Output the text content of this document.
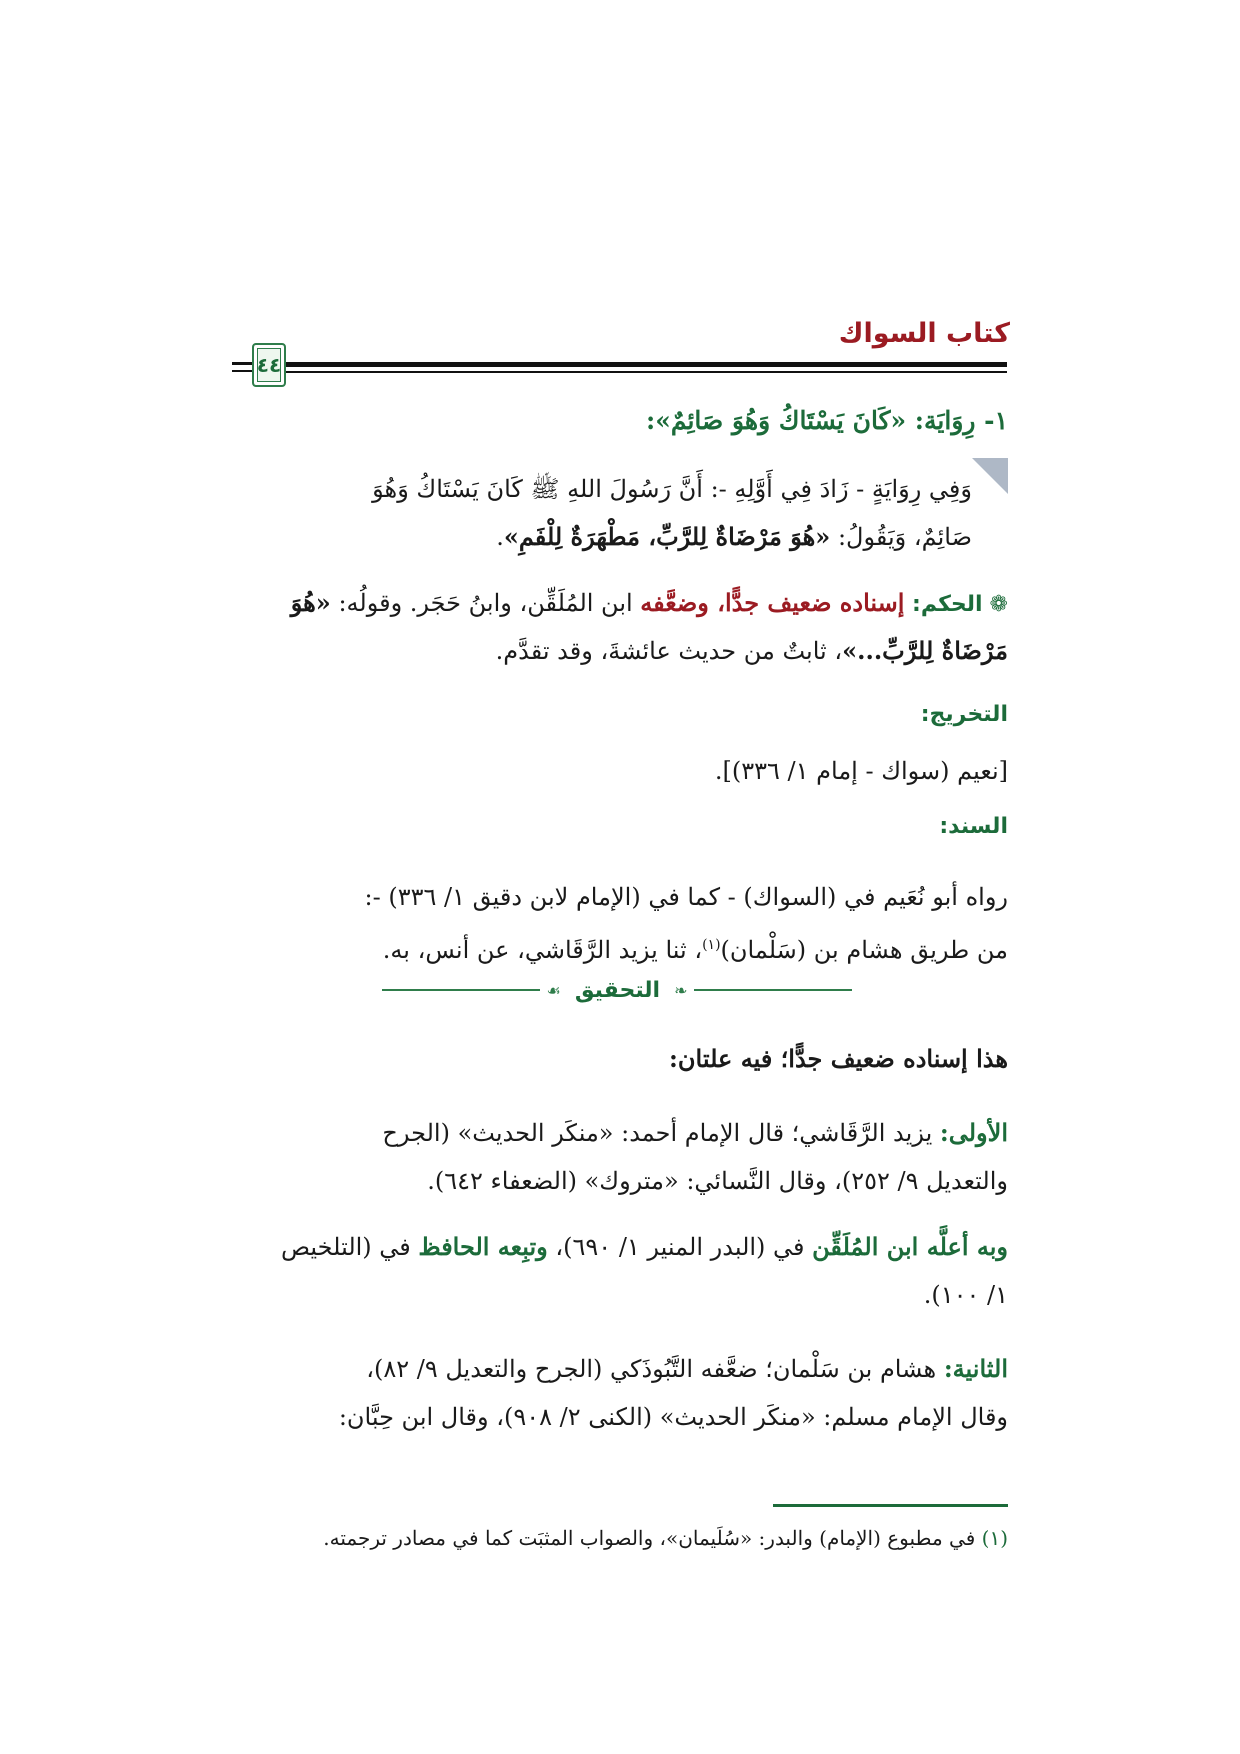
كتاب السواك
٤٤

١- رِوَايَة: «كَانَ يَسْتَاكُ وَهُوَ صَائِمٌ»:

وَفِي رِوَايَةٍ - زَادَ فِي أَوَّلِهِ -: أَنَّ رَسُولَ اللهِ ﷺ كَانَ يَسْتَاكُ وَهُوَ

صَائِمٌ، وَيَقُولُ: «هُوَ مَرْضَاةٌ لِلرَّبِّ، مَطْهَرَةٌ لِلْفَمِ».

❁ الحكم: إسناده ضعيف جدًّا، وضعَّفه ابن المُلَقِّن، وابنُ حَجَر. وقولُه: «هُوَ

مَرْضَاةٌ لِلرَّبِّ...»، ثابتٌ من حديث عائشةَ، وقد تقدَّم.

التخريج:

[نعيم (سواك - إمام ١/ ٣٣٦)].

السند:

رواه أبو نُعَيم في (السواك) - كما في (الإمام لابن دقيق ١/ ٣٣٦) -:

من طريق هشام بن (سَلْمان)$^{(١)}$، ثنا يزيد الرَّقَاشي، عن أنس، به.

❧
التحقيق
☙

هذا إسناده ضعيف جدًّا؛ فيه علتان:

الأولى: يزيد الرَّقَاشي؛ قال الإمام أحمد: «منكَر الحديث» (الجرح

والتعديل ٩/ ٢٥٢)، وقال النَّسائي: «متروك» (الضعفاء ٦٤٢).

وبه أعلَّه ابن المُلَقِّن في (البدر المنير ١/ ٦٩٠)، وتبِعه الحافظ في (التلخيص

١/ ١٠٠).

الثانية: هشام بن سَلْمان؛ ضعَّفه التَّبُوذَكي (الجرح والتعديل ٩/ ٨٢)،

وقال الإمام مسلم: «منكَر الحديث» (الكنى ٢/ ٩٠٨)، وقال ابن حِبَّان:

(١) في مطبوع (الإمام) والبدر: «سُلَيمان»، والصواب المثبَت كما في مصادر ترجمته.
